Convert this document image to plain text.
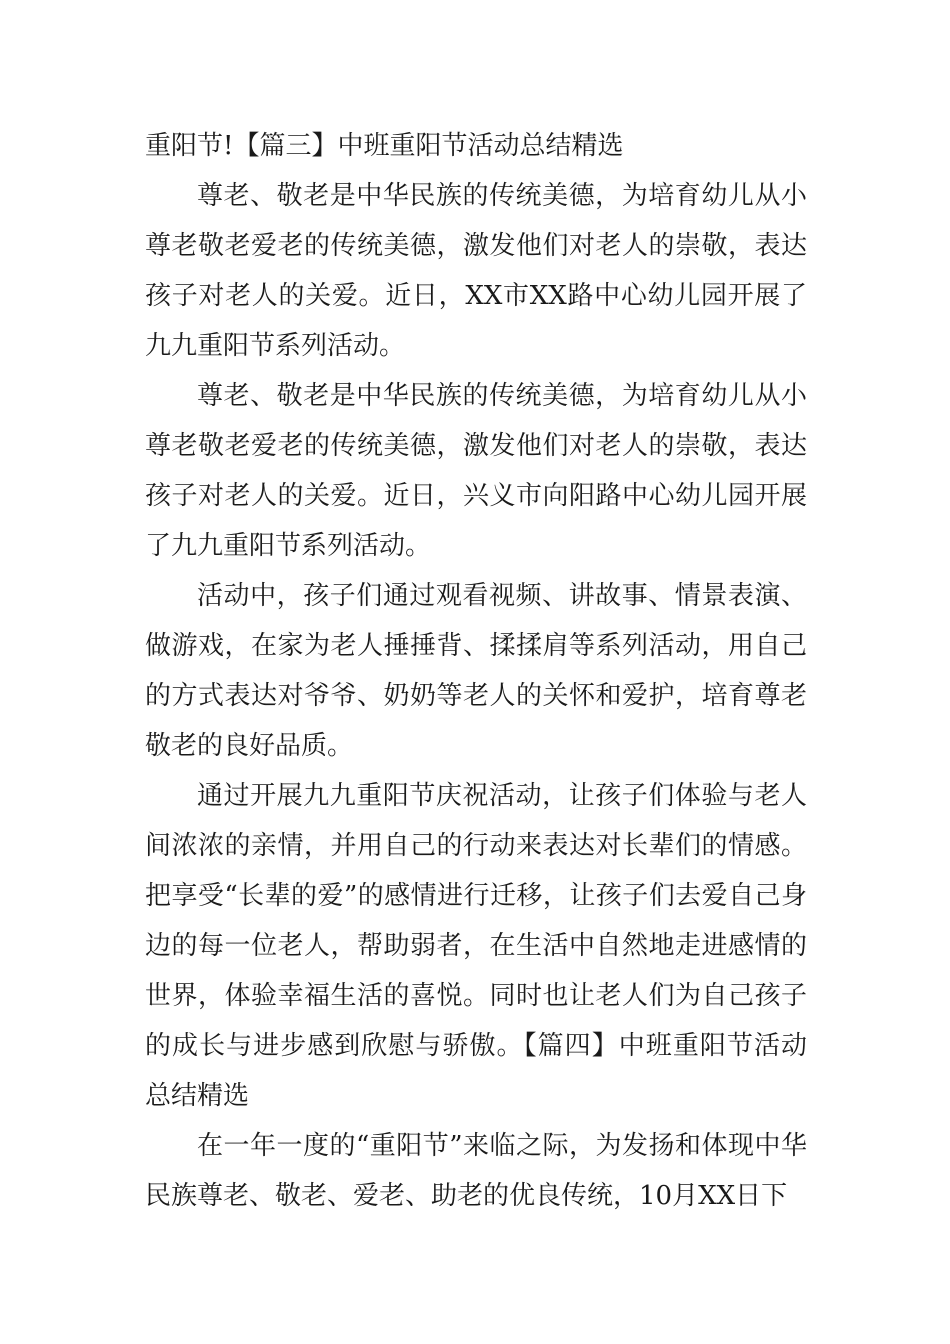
重阳节!【篇三】中班重阳节活动总结精选

尊老、敬老是中华民族的传统美德，为培育幼儿从小尊老敬老爱老的传统美德，激发他们对老人的崇敬，表达孩子对老人的关爱。近日，XX市XX路中心幼儿园开展了九九重阳节系列活动。

尊老、敬老是中华民族的传统美德，为培育幼儿从小尊老敬老爱老的传统美德，激发他们对老人的崇敬，表达孩子对老人的关爱。近日，兴义市向阳路中心幼儿园开展了九九重阳节系列活动。

活动中，孩子们通过观看视频、讲故事、情景表演、做游戏，在家为老人捶捶背、揉揉肩等系列活动，用自己的方式表达对爷爷、奶奶等老人的关怀和爱护，培育尊老敬老的良好品质。

通过开展九九重阳节庆祝活动，让孩子们体验与老人间浓浓的亲情，并用自己的行动来表达对长辈们的情感。把享受“长辈的爱”的感情进行迁移，让孩子们去爱自己身边的每一位老人，帮助弱者，在生活中自然地走进感情的世界，体验幸福生活的喜悦。同时也让老人们为自己孩子的成长与进步感到欣慰与骄傲。【篇四】中班重阳节活动总结精选

在一年一度的“重阳节”来临之际，为发扬和体现中华民族尊老、敬老、爱老、助老的优良传统，10月XX日下
